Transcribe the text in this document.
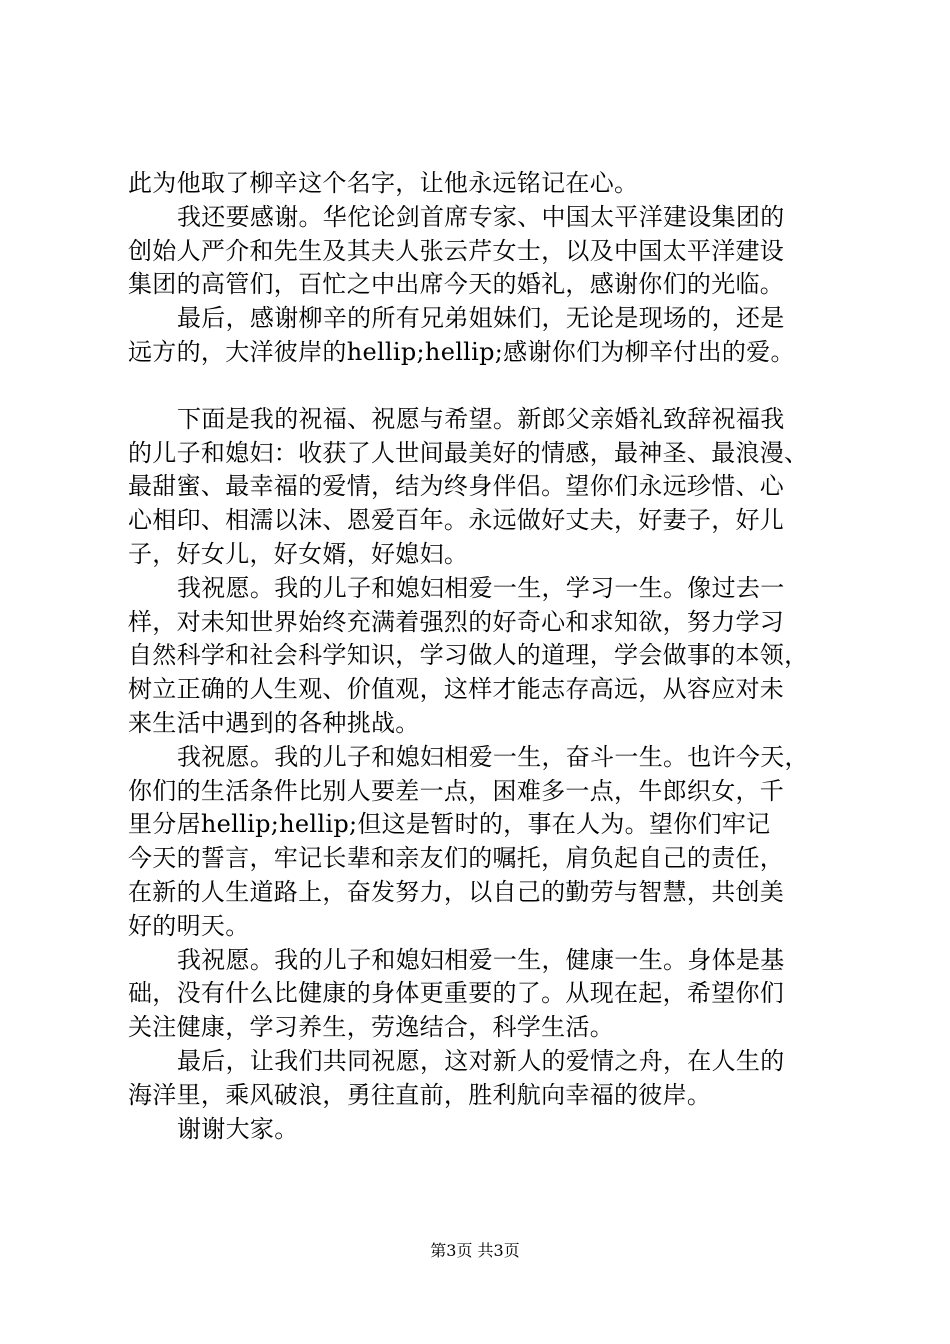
此为他取了柳辛这个名字，让他永远铭记在心。
我还要感谢。华佗论剑首席专家、中国太平洋建设集团的
创始人严介和先生及其夫人张云芹女士，以及中国太平洋建设
集团的高管们，百忙之中出席今天的婚礼，感谢你们的光临。
最后，感谢柳辛的所有兄弟姐妹们，无论是现场的，还是
远方的，大洋彼岸的hellip;hellip;感谢你们为柳辛付出的爱。
下面是我的祝福、祝愿与希望。新郎父亲婚礼致辞祝福我
的儿子和媳妇：收获了人世间最美好的情感，最神圣、最浪漫、
最甜蜜、最幸福的爱情，结为终身伴侣。望你们永远珍惜、心
心相印、相濡以沫、恩爱百年。永远做好丈夫，好妻子，好儿
子，好女儿，好女婿，好媳妇。
我祝愿。我的儿子和媳妇相爱一生，学习一生。像过去一
样，对未知世界始终充满着强烈的好奇心和求知欲，努力学习
自然科学和社会科学知识，学习做人的道理，学会做事的本领，
树立正确的人生观、价值观，这样才能志存高远，从容应对未
来生活中遇到的各种挑战。
我祝愿。我的儿子和媳妇相爱一生，奋斗一生。也许今天，
你们的生活条件比别人要差一点，困难多一点，牛郎织女，千
里分居hellip;hellip;但这是暂时的，事在人为。望你们牢记
今天的誓言，牢记长辈和亲友们的嘱托，肩负起自己的责任，
在新的人生道路上，奋发努力，以自己的勤劳与智慧，共创美
好的明天。
我祝愿。我的儿子和媳妇相爱一生，健康一生。身体是基
础，没有什么比健康的身体更重要的了。从现在起，希望你们
关注健康，学习养生，劳逸结合，科学生活。
最后，让我们共同祝愿，这对新人的爱情之舟，在人生的
海洋里，乘风破浪，勇往直前，胜利航向幸福的彼岸。
谢谢大家。
第3页 共3页
